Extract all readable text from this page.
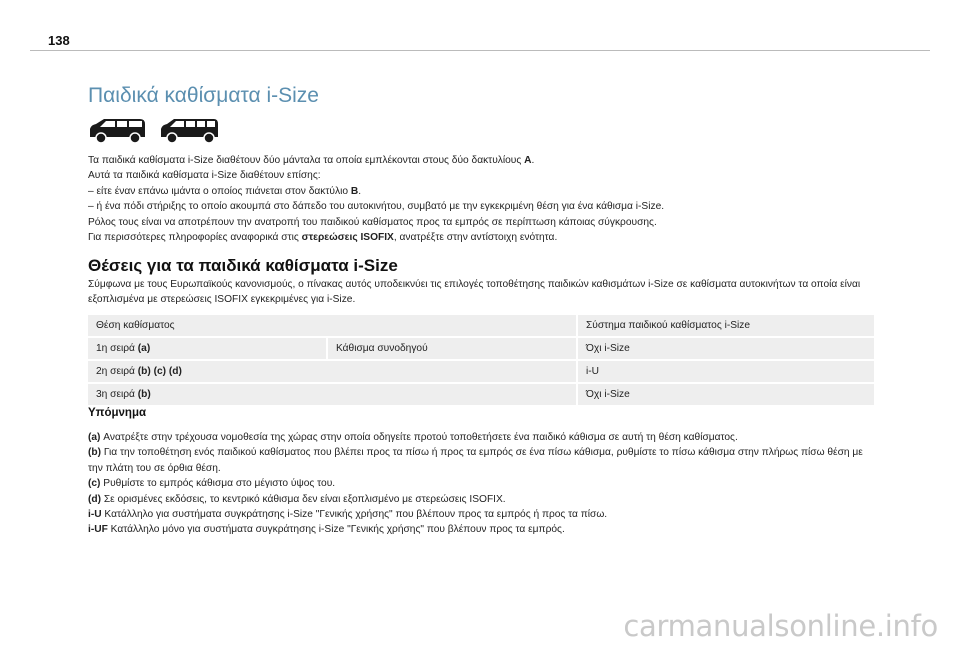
138
Παιδικά καθίσματα i-Size
Τα παιδικά καθίσματα i-Size διαθέτουν δύο μάνταλα τα οποία εμπλέκονται στους δύο δακτυλίους A.
Αυτά τα παιδικά καθίσματα i-Size διαθέτουν επίσης:
– είτε έναν επάνω ιμάντα ο οποίος πιάνεται στον δακτύλιο B.
– ή ένα πόδι στήριξης το οποίο ακουμπά στο δάπεδο του αυτοκινήτου, συμβατό με την εγκεκριμένη θέση για ένα κάθισμα i-Size.
Ρόλος τους είναι να αποτρέπουν την ανατροπή του παιδικού καθίσματος προς τα εμπρός σε περίπτωση κάποιας σύγκρουσης.
Για περισσότερες πληροφορίες αναφορικά στις στερεώσεις ISOFIX, ανατρέξτε στην αντίστοιχη ενότητα.
Θέσεις για τα παιδικά καθίσματα i-Size
Σύμφωνα με τους Ευρωπαϊκούς κανονισμούς, ο πίνακας αυτός υποδεικνύει τις επιλογές τοποθέτησης παιδικών καθισμάτων i-Size σε καθίσματα αυτοκινήτων τα οποία είναι
εξοπλισμένα με στερεώσεις ISOFIX εγκεκριμένες για i-Size.
Θέση καθίσματος		Σύστημα παιδικού καθίσματος i-Size
1η σειρά (a)	Κάθισμα συνοδηγού	Όχι i-Size
2η σειρά (b) (c) (d)		i-U
3η σειρά (b)		Όχι i-Size
Υπόμνημα
(a) Ανατρέξτε στην τρέχουσα νομοθεσία της χώρας στην οποία οδηγείτε προτού τοποθετήσετε ένα παιδικό κάθισμα σε αυτή τη θέση καθίσματος.
(b) Για την τοποθέτηση ενός παιδικού καθίσματος που βλέπει προς τα πίσω ή προς τα εμπρός σε ένα πίσω κάθισμα, ρυθμίστε το πίσω κάθισμα στην πλήρως πίσω θέση με
την πλάτη του σε όρθια θέση.
(c) Ρυθμίστε το εμπρός κάθισμα στο μέγιστο ύψος του.
(d) Σε ορισμένες εκδόσεις, το κεντρικό κάθισμα δεν είναι εξοπλισμένο με στερεώσεις ISOFIX.
i-U Κατάλληλο για συστήματα συγκράτησης i-Size "Γενικής χρήσης" που βλέπουν προς τα εμπρός ή προς τα πίσω.
i-UF Κατάλληλο μόνο για συστήματα συγκράτησης i-Size "Γενικής χρήσης" που βλέπουν προς τα εμπρός.
carmanualsonline.info
